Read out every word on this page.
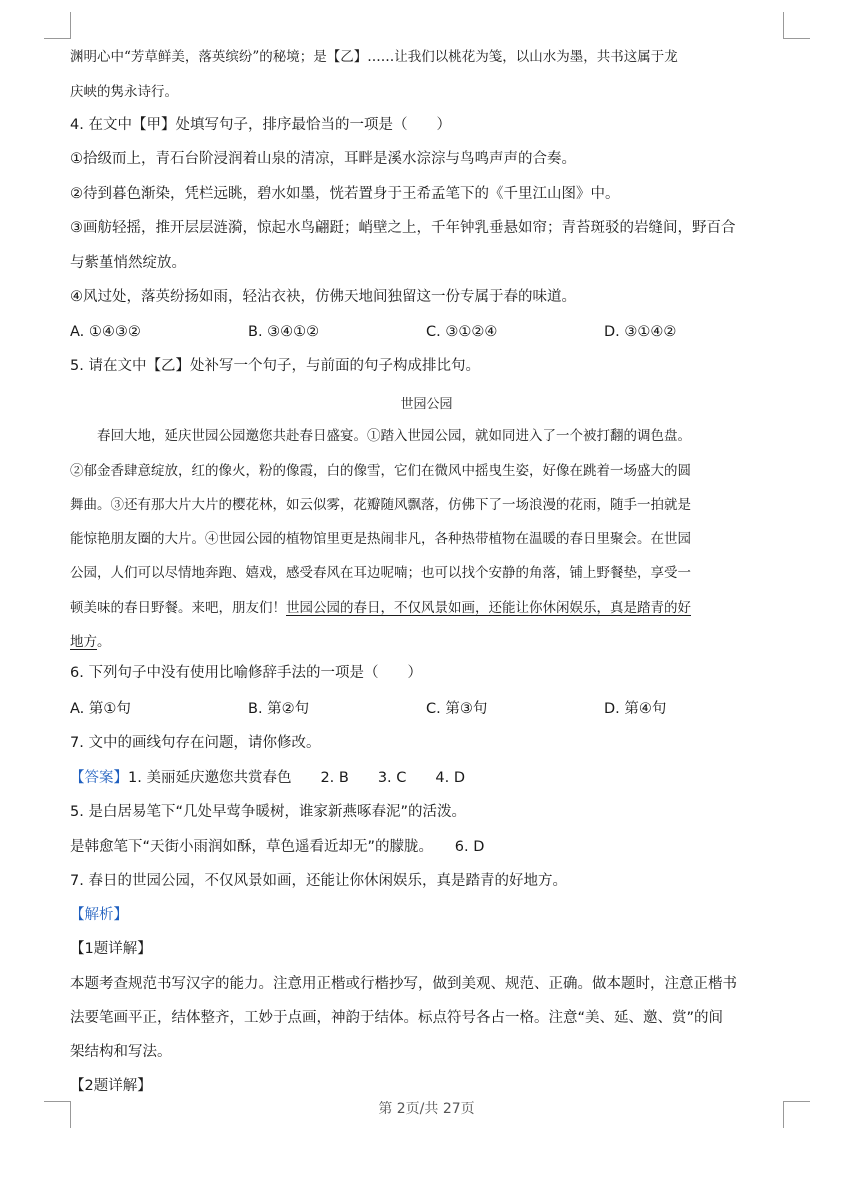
渊明心中“芳草鲜美，落英缤纷”的秘境；是【乙】……让我们以桃花为笺，以山水为墨，共书这属于龙
庆峡的隽永诗行。
4. 在文中【甲】处填写句子，排序最恰当的一项是（　　）
①拾级而上，青石台阶浸润着山泉的清凉，耳畔是溪水淙淙与鸟鸣声声的合奏。
②待到暮色渐染，凭栏远眺，碧水如墨，恍若置身于王希孟笔下的《千里江山图》中。
③画舫轻摇，推开层层涟漪，惊起水鸟翩跹；峭壁之上，千年钟乳垂悬如帘；青苔斑驳的岩缝间，野百合
与紫堇悄然绽放。
④风过处，落英纷扬如雨，轻沾衣袂，仿佛天地间独留这一份专属于春的味道。
A. ①④③②	B. ③④①②	C. ③①②④	D. ③①④②
5. 请在文中【乙】处补写一个句子，与前面的句子构成排比句。
世园公园
　　春回大地，延庆世园公园邀您共赴春日盛宴。①踏入世园公园，就如同进入了一个被打翻的调色盘。
②郁金香肆意绽放，红的像火，粉的像霞，白的像雪，它们在微风中摇曳生姿，好像在跳着一场盛大的圆
舞曲。③还有那大片大片的樱花林，如云似雾，花瓣随风飘落，仿佛下了一场浪漫的花雨，随手一拍就是
能惊艳朋友圈的大片。④世园公园的植物馆里更是热闹非凡，各种热带植物在温暖的春日里聚会。在世园
公园，人们可以尽情地奔跑、嬉戏，感受春风在耳边呢喃；也可以找个安静的角落，铺上野餐垫，享受一
顿美味的春日野餐。来吧，朋友们！世园公园的春日，不仅风景如画，还能让你休闲娱乐，真是踏青的好
地方。
6. 下列句子中没有使用比喻修辞手法的一项是（　　）
A. 第①句	B. 第②句	C. 第③句	D. 第④句
7. 文中的画线句存在问题，请你修改。
【答案】1. 美丽延庆邀您共赏春色　　2. B　　3. C　　4. D
5. 是白居易笔下“几处早莺争暖树，谁家新燕啄春泥”的活泼。
是韩愈笔下“天街小雨润如酥，草色遥看近却无”的朦胧。　　6. D
7. 春日的世园公园，不仅风景如画，还能让你休闲娱乐，真是踏青的好地方。
【解析】
【1题详解】
本题考查规范书写汉字的能力。注意用正楷或行楷抄写，做到美观、规范、正确。做本题时，注意正楷书
法要笔画平正，结体整齐，工妙于点画，神韵于结体。标点符号各占一格。注意“美、延、邀、赏”的间
架结构和写法。
【2题详解】
第 2页/共 27页
